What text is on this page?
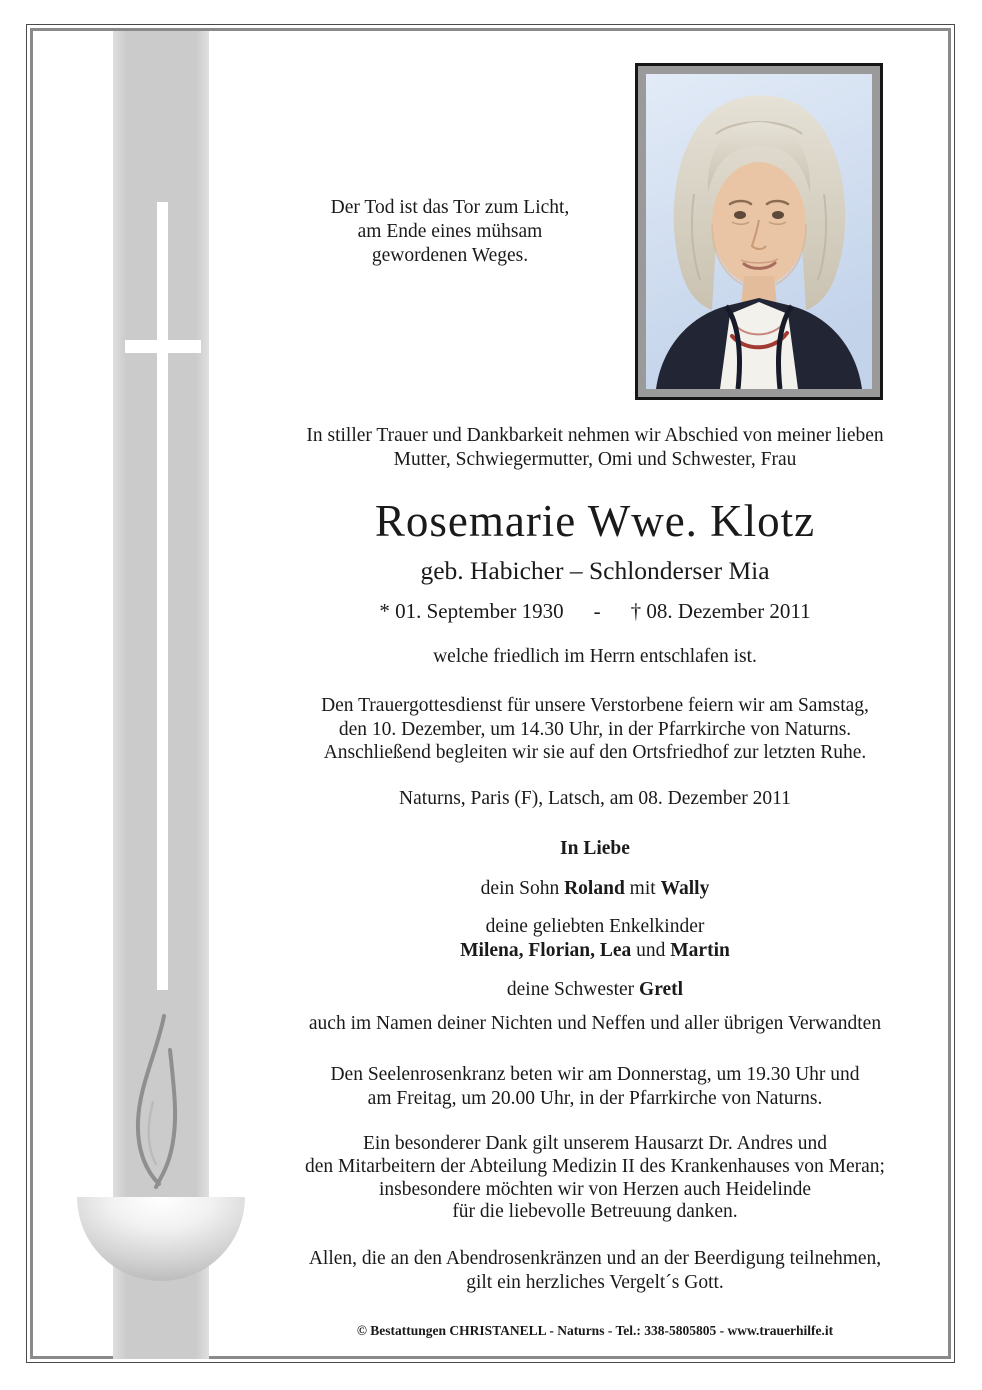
Der Tod ist das Tor zum Licht,
am Ende eines mühsam
gewordenen Weges.
In stiller Trauer und Dankbarkeit nehmen wir Abschied von meiner lieben
Mutter, Schwiegermutter, Omi und Schwester, Frau
Rosemarie Wwe. Klotz
geb. Habicher – Schlonderser Mia
* 01. September 1930 - † 08. Dezember 2011
welche friedlich im Herrn entschlafen ist.
Den Trauergottesdienst für unsere Verstorbene feiern wir am Samstag,
den 10. Dezember, um 14.30 Uhr, in der Pfarrkirche von Naturns.
Anschließend begleiten wir sie auf den Ortsfriedhof zur letzten Ruhe.
Naturns, Paris (F), Latsch, am 08. Dezember 2011
In Liebe
dein Sohn Roland mit Wally
deine geliebten Enkelkinder
Milena, Florian, Lea und Martin
deine Schwester Gretl
auch im Namen deiner Nichten und Neffen und aller übrigen Verwandten
Den Seelenrosenkranz beten wir am Donnerstag, um 19.30 Uhr und
am Freitag, um 20.00 Uhr, in der Pfarrkirche von Naturns.
Ein besonderer Dank gilt unserem Hausarzt Dr. Andres und
den Mitarbeitern der Abteilung Medizin II des Krankenhauses von Meran;
insbesondere möchten wir von Herzen auch Heidelinde
für die liebevolle Betreuung danken.
Allen, die an den Abendrosenkränzen und an der Beerdigung teilnehmen,
gilt ein herzliches Vergelt´s Gott.
© Bestattungen CHRISTANELL - Naturns - Tel.: 338-5805805 - www.trauerhilfe.it
